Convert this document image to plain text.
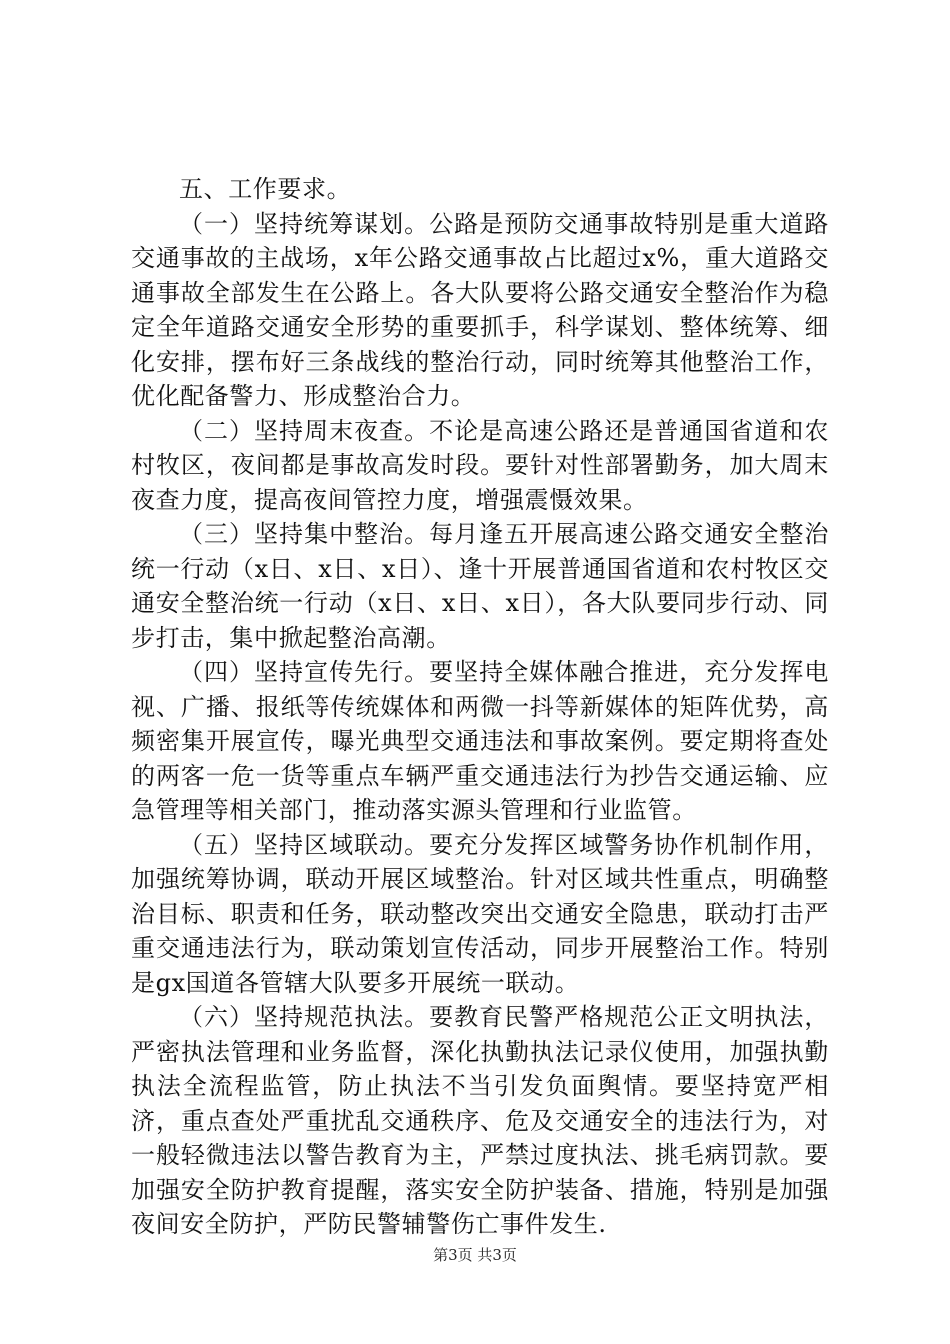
五、工作要求。

（一）坚持统筹谋划。公路是预防交通事故特别是重大道路交通事故的主战场，x年公路交通事故占比超过x%，重大道路交通事故全部发生在公路上。各大队要将公路交通安全整治作为稳定全年道路交通安全形势的重要抓手，科学谋划、整体统筹、细化安排，摆布好三条战线的整治行动，同时统筹其他整治工作，优化配备警力、形成整治合力。

（二）坚持周末夜查。不论是高速公路还是普通国省道和农村牧区，夜间都是事故高发时段。要针对性部署勤务，加大周末夜查力度，提高夜间管控力度，增强震慑效果。

（三）坚持集中整治。每月逢五开展高速公路交通安全整治统一行动（x日、x日、x日）、逢十开展普通国省道和农村牧区交通安全整治统一行动（x日、x日、x日），各大队要同步行动、同步打击，集中掀起整治高潮。

（四）坚持宣传先行。要坚持全媒体融合推进，充分发挥电视、广播、报纸等传统媒体和两微一抖等新媒体的矩阵优势，高频密集开展宣传，曝光典型交通违法和事故案例。要定期将查处的两客一危一货等重点车辆严重交通违法行为抄告交通运输、应急管理等相关部门，推动落实源头管理和行业监管。

（五）坚持区域联动。要充分发挥区域警务协作机制作用，加强统筹协调，联动开展区域整治。针对区域共性重点，明确整治目标、职责和任务，联动整改突出交通安全隐患，联动打击严重交通违法行为，联动策划宣传活动，同步开展整治工作。特别是gx国道各管辖大队要多开展统一联动。

（六）坚持规范执法。要教育民警严格规范公正文明执法，严密执法管理和业务监督，深化执勤执法记录仪使用，加强执勤执法全流程监管，防止执法不当引发负面舆情。要坚持宽严相济，重点查处严重扰乱交通秩序、危及交通安全的违法行为，对一般轻微违法以警告教育为主，严禁过度执法、挑毛病罚款。要加强安全防护教育提醒，落实安全防护装备、措施，特别是加强夜间安全防护，严防民警辅警伤亡事件发生.

第3页 共3页
